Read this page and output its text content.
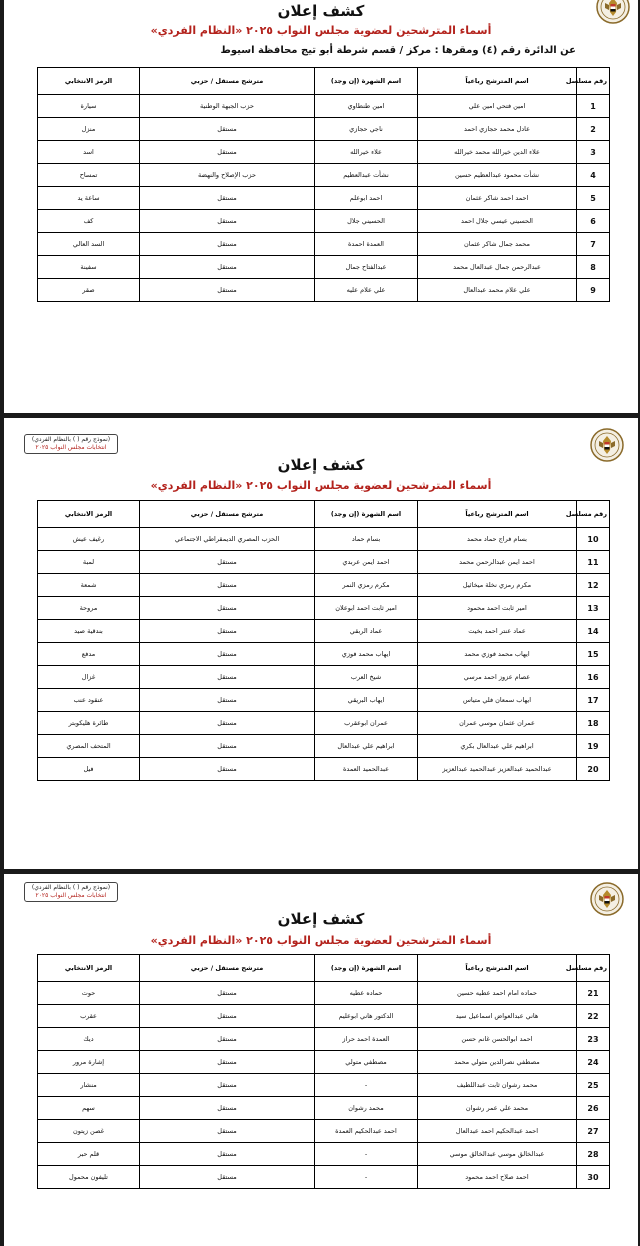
كشف إعلان
أسماء المترشحين لعضوية مجلس النواب ٢٠٢٥ «النظام الفردي»
عن الدائرة رقم (٤) ومقرها : مركز / قسم شرطة أبو تيج محافظة اسيوط
رقم مسلسل	اسم المترشح رباعياً	اسم الشهرة (إن وجد)	مترشح مستقل / حزبي	الرمز الانتخابي
1	امين فتحي امين علي	امين طنطاوي	حزب الجبهة الوطنية	سيارة
2	عادل محمد حجازي احمد	ناجي حجازي	مستقل	منزل
3	علاء الدين خيرالله محمد خيرالله	علاء خيرالله	مستقل	اسد
4	نشأت محمود عبدالعظيم حسين	نشأت عبدالعظيم	حزب الإصلاح والنهضة	تمساح
5	احمد احمد شاكر عثمان	احمد ابوعلم	مستقل	ساعة يد
6	الحسيني عيسي جلال احمد	الحسيني جلال	مستقل	كف
7	محمد جمال شاكر عثمان	العمدة احمدة	مستقل	السد العالي
8	عبدالرحمن جمال عبدالعال محمد	عبدالفتاح جمال	مستقل	سفينة
9	علي علام محمد عبدالعال	علي علام عليه	مستقل	صقر
(نموذج رقم ( ) بالنظام الفردي)
انتخابات مجلس النواب ٢٠٢٥
كشف إعلان
أسماء المترشحين لعضوية مجلس النواب ٢٠٢٥ «النظام الفردي»
رقم مسلسل	اسم المترشح رباعياً	اسم الشهرة (إن وجد)	مترشح مستقل / حزبي	الرمز الانتخابي
10	بسام فراج حماد محمد	بسام حماد	الحزب المصري الديمقراطي الاجتماعي	رغيف عيش
11	احمد ايمن عبدالرحمن محمد	احمد ايمن عربدي	مستقل	لمبة
12	مكرم رمزي نخلة ميخائيل	مكرم رمزي النمر	مستقل	شمعة
13	امير ثابت احمد محمود	امير ثابت احمد ابوعلان	مستقل	مروحة
14	عماد عنتر احمد بخيت	عماد الربقي	مستقل	بندقية صيد
15	ايهاب محمد فوزي محمد	ايهاب محمد فوزي	مستقل	مدفع
16	عصام عزوز احمد مرسي	شيخ العرب	مستقل	غزال
17	ايهاب سمعان فلي متياس	ايهاب البريقي	مستقل	عنقود عنب
18	عمران عثمان موسي عمران	عمران ابوعقرب	مستقل	طائرة هليكوبتر
19	ابراهيم علي عبدالعال بكري	ابراهيم علي عبدالعال	مستقل	المتحف المصري
20	عبدالحميد عبدالعزيز عبدالحميد عبدالعزيز	عبدالحميد العمدة	مستقل	فيل
(نموذج رقم ( ) بالنظام الفردي)
انتخابات مجلس النواب ٢٠٢٥
كشف إعلان
أسماء المترشحين لعضوية مجلس النواب ٢٠٢٥ «النظام الفردي»
رقم مسلسل	اسم المترشح رباعياً	اسم الشهرة (إن وجد)	مترشح مستقل / حزبي	الرمز الانتخابي
21	حماده امام احمد عطيه حسين	حماده عطيه	مستقل	حوت
22	هاني عبدالعواض اسماعيل سيد	الدكتور هاني ابوعليم	مستقل	عقرب
23	احمد ابوالحسن غانم حسن	العمدة احمد حراز	مستقل	ديك
24	مصطفي نصرالدين متولي محمد	مصطفي متولي	مستقل	إشارة مرور
25	محمد رشوان ثابت عبداللطيف	-	مستقل	منشار
26	محمد علي عمر رشوان	محمد رشوان	مستقل	سهم
27	احمد عبدالحكيم احمد عبدالعال	احمد عبدالحكيم العمدة	مستقل	غصن زيتون
28	عبدالخالق موسي عبدالخالق موسي	-	مستقل	قلم حبر
30	احمد صلاح احمد محمود	-	مستقل	تليفون محمول
